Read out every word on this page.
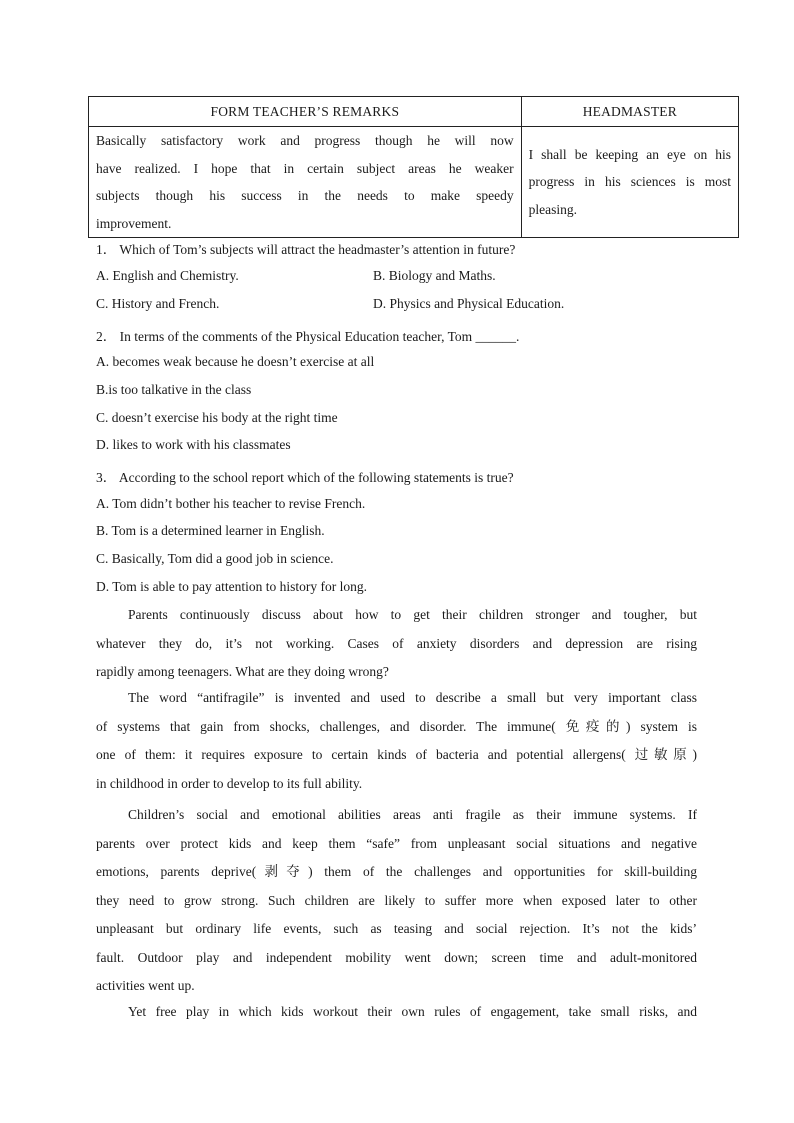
FORM TEACHER’S REMARKS	HEADMASTER

Basically satisfactory work and progress though he will now
have realized. I hope that in certain subject areas he weaker
subjects though his success in the needs to make speedy
improvement.	I shall be keeping an eye on his
progress in his sciences is most
pleasing.
1． Which of Tom’s subjects will attract the headmaster’s attention in future?
A. English and Chemistry.	B. Biology and Maths.
C. History and French.	D. Physics and Physical Education.
2． In terms of the comments of the Physical Education teacher, Tom ______.
A. becomes weak because he doesn’t exercise at all
B.is too talkative in the class
C. doesn’t exercise his body at the right time
D. likes to work with his classmates
3． According to the school report which of the following statements is true?
A. Tom didn’t bother his teacher to revise French.
B. Tom is a determined learner in English.
C. Basically, Tom did a good job in science.
D. Tom is able to pay attention to history for long.
Parents continuously discuss about how to get their children stronger and tougher, but
whatever they do, it’s not working. Cases of anxiety disorders and depression are rising
rapidly among teenagers. What are they doing wrong?
The word “antifragile” is invented and used to describe a small but very important class
of systems that gain from shocks, challenges, and disorder. The immune( 免疫的) system is
one of them: it requires exposure to certain kinds of bacteria and potential allergens( 过敏原)
in childhood in order to develop to its full ability.
Children’s social and emotional abilities areas anti fragile as their immune systems. If
parents over protect kids and keep them “safe” from unpleasant social situations and negative
emotions, parents deprive(剥夺) them of the challenges and opportunities for skill-building
they need to grow strong. Such children are likely to suffer more when exposed later to other
unpleasant but ordinary life events, such as teasing and social rejection. It’s not the kids’
fault. Outdoor play and independent mobility went down; screen time and adult-monitored
activities went up.
Yet free play in which kids workout their own rules of engagement, take small risks, and
